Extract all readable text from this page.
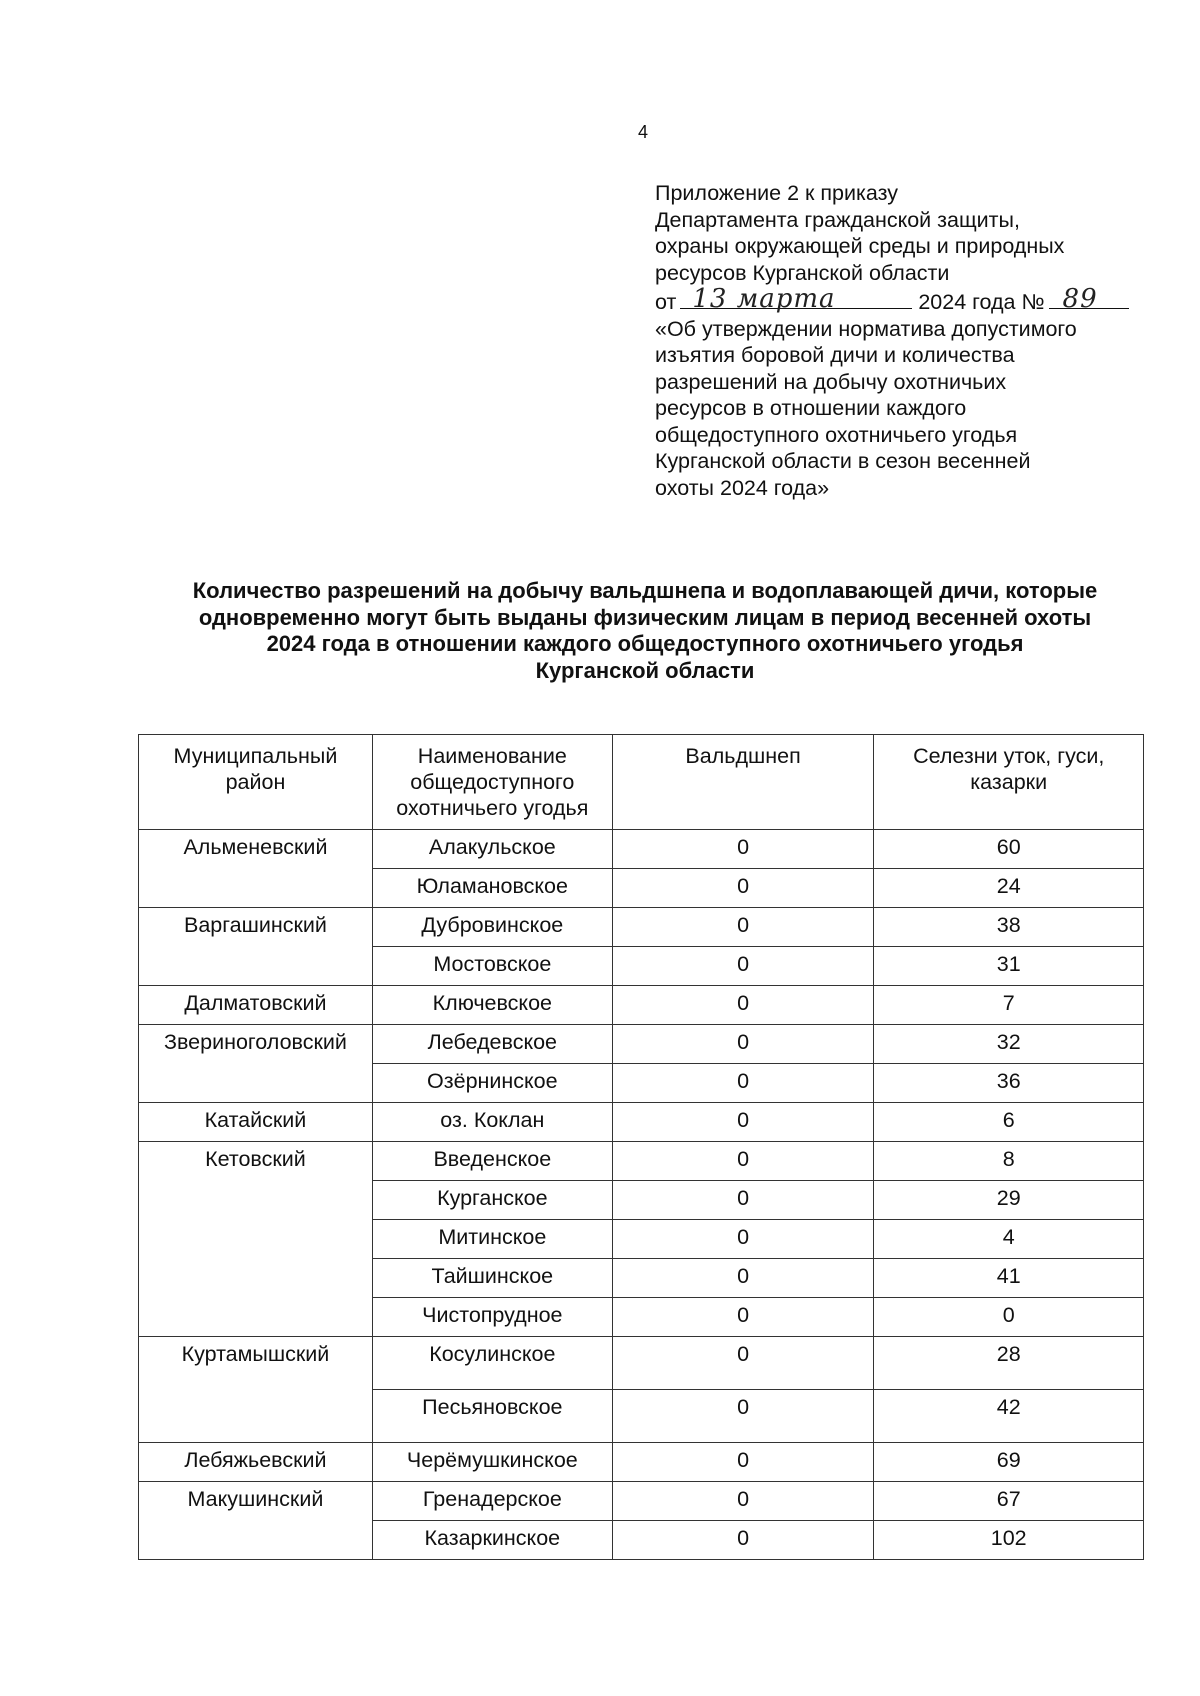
4
Приложение 2 к приказу
Департамента гражданской защиты,
охраны окружающей среды и природных
ресурсов Курганской области
от 13 марта	2024 года № 89
«Об утверждении норматива допустимого
изъятия боровой дичи и количества
разрешений на добычу охотничьих
ресурсов в отношении каждого
общедоступного охотничьего угодья
Курганской области в сезон весенней
охоты 2024 года»
Количество разрешений на добычу вальдшнепа и водоплавающей дичи, которые
одновременно могут быть выданы физическим лицам в период весенней охоты
2024 года в отношении каждого общедоступного охотничьего угодья
Курганской области
Муниципальный район	Наименование общедоступного охотничьего угодья	Вальдшнеп	Селезни уток, гуси, казарки
Альменевский	Алакульское	0	60
	Юламановское	0	24
Варгашинский	Дубровинское	0	38
	Мостовское	0	31
Далматовский	Ключевское	0	7
Звериноголовский	Лебедевское	0	32
	Озёрнинское	0	36
Катайский	оз. Коклан	0	6
Кетовский	Введенское	0	8
	Курганское	0	29
	Митинское	0	4
	Тайшинское	0	41
	Чистопрудное	0	0
Куртамышский	Косулинское	0	28
	Песьяновское	0	42
Лебяжьевский	Черёмушкинское	0	69
Макушинский	Гренадерское	0	67
	Казаркинское	0	102
